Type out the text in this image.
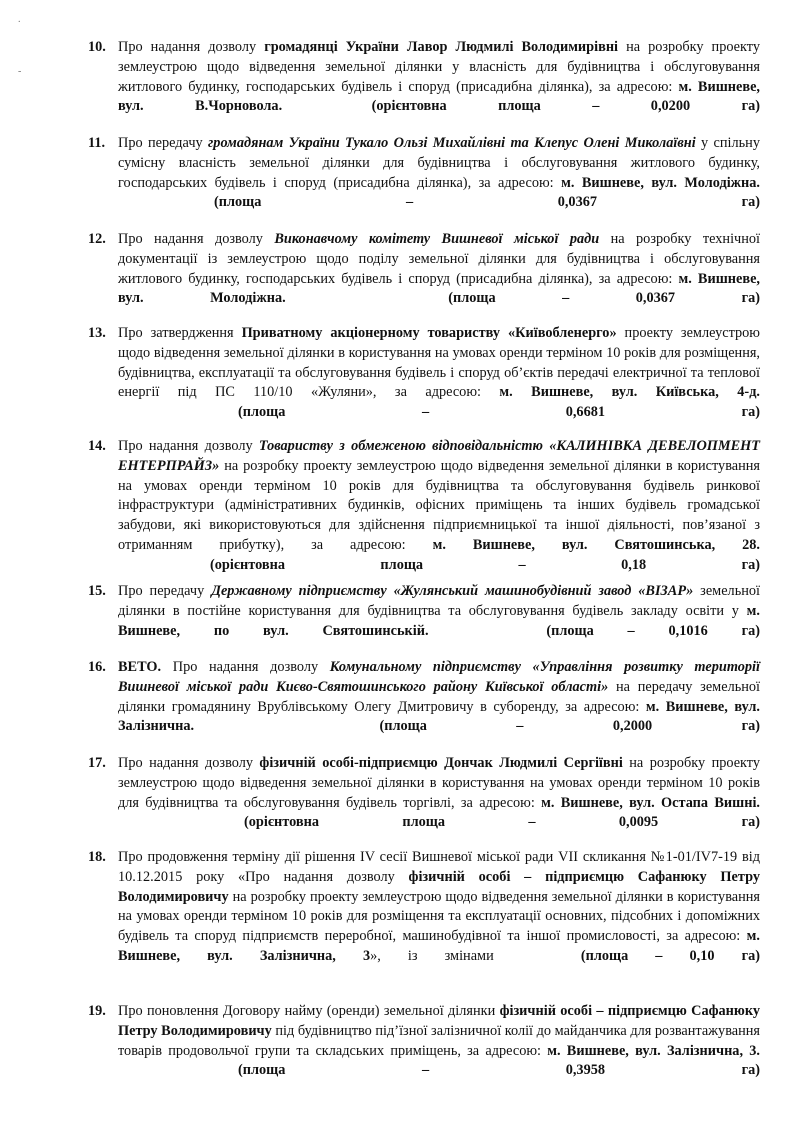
.
-
10. Про надання дозволу громадянці України Лавор Людмилі Володимирівні на розробку проекту землеустрою щодо відведення земельної ділянки у власність для будівництва і обслуговування житлового будинку, господарських будівель і споруд (присадибна ділянка), за адресою: м. Вишневе, вул. В.Чорновола.	(орієнтовна площа – 0,0200 га)
11. Про передачу громадянам України Тукало Ользі Михайлівні та Клепус Олені Миколаївні у спільну сумісну власність земельної ділянки для будівництва і обслуговування житлового будинку, господарських будівель і споруд (присадибна ділянка), за адресою: м. Вишневе, вул. Молодіжна. (площа – 0,0367 га)
12. Про надання дозволу Виконавчому комітету Вишневої міської ради на розробку технічної документації із землеустрою щодо поділу земельної ділянки для будівництва і обслуговування житлового будинку, господарських будівель і споруд (присадибна ділянка), за адресою: м. Вишневе, вул. Молодіжна.	(площа – 0,0367 га)
13. Про затвердження Приватному акціонерному товариству «Київобленерго» проекту землеустрою щодо відведення земельної ділянки в користування на умовах оренди терміном 10 років для розміщення, будівництва, експлуатації та обслуговування будівель і споруд об’єктів передачі електричної та теплової енергії під ПС 110/10 «Жуляни», за адресою: м. Вишневе, вул. Київська, 4-д. (площа – 0,6681 га)
14. Про надання дозволу Товариству з обмеженою відповідальністю «КАЛИНІВКА ДЕВЕЛОПМЕНТ ЕНТЕРПРАЙЗ» на розробку проекту землеустрою щодо відведення земельної ділянки в користування на умовах оренди терміном 10 років для будівництва та обслуговування будівель ринкової інфраструктури (адміністративних будинків, офісних приміщень та інших будівель громадської забудови, які використовуються для здійснення підприємницької та іншої діяльності, пов’язаної з отриманням прибутку), за адресою: м. Вишневе, вул. Святошинська, 28. (орієнтовна площа – 0,18 га)
15. Про передачу Державному підприємству «Жулянський машинобудівний завод «ВІЗАР» земельної ділянки в постійне користування для будівництва та обслуговування будівель закладу освіти у м. Вишневе, по вул. Святошинській.	(площа – 0,1016 га)
16. ВЕТО. Про надання дозволу Комунальному підприємству «Управління розвитку території Вишневої міської ради Києво-Святошинського району Київської області» на передачу земельної ділянки громадянину Врублівському Олегу Дмитровичу в суборенду, за адресою: м. Вишневе, вул. Залізнична.	(площа – 0,2000 га)
17. Про надання дозволу фізичній особі-підприємцю Дончак Людмилі Сергіївні на розробку проекту землеустрою щодо відведення земельної ділянки в користування на умовах оренди терміном 10 років для будівництва та обслуговування будівель торгівлі, за адресою: м. Вишневе, вул. Остапа Вишні. (орієнтовна площа – 0,0095 га)
18. Про продовження терміну дії рішення IV сесії Вишневої міської ради VII скликання №1-01/IV7-19 від 10.12.2015 року «Про надання дозволу фізичній особі – підприємцю Сафанюку Петру Володимировичу на розробку проекту землеустрою щодо відведення земельної ділянки в користування на умовах оренди терміном 10 років для розміщення та експлуатації основних, підсобних і допоміжних будівель та споруд підприємств переробної, машинобудівної та іншої промисловості, за адресою: м. Вишневе, вул. Залізнична, 3», із змінами	(площа – 0,10 га)
19. Про поновлення Договору найму (оренди) земельної ділянки фізичній особі – підприємцю Сафанюку Петру Володимировичу під будівництво під’їзної залізничної колії до майданчика для розвантажування товарів продовольчої групи та складських приміщень, за адресою: м. Вишневе, вул. Залізнична, 3. (площа – 0,3958 га)
